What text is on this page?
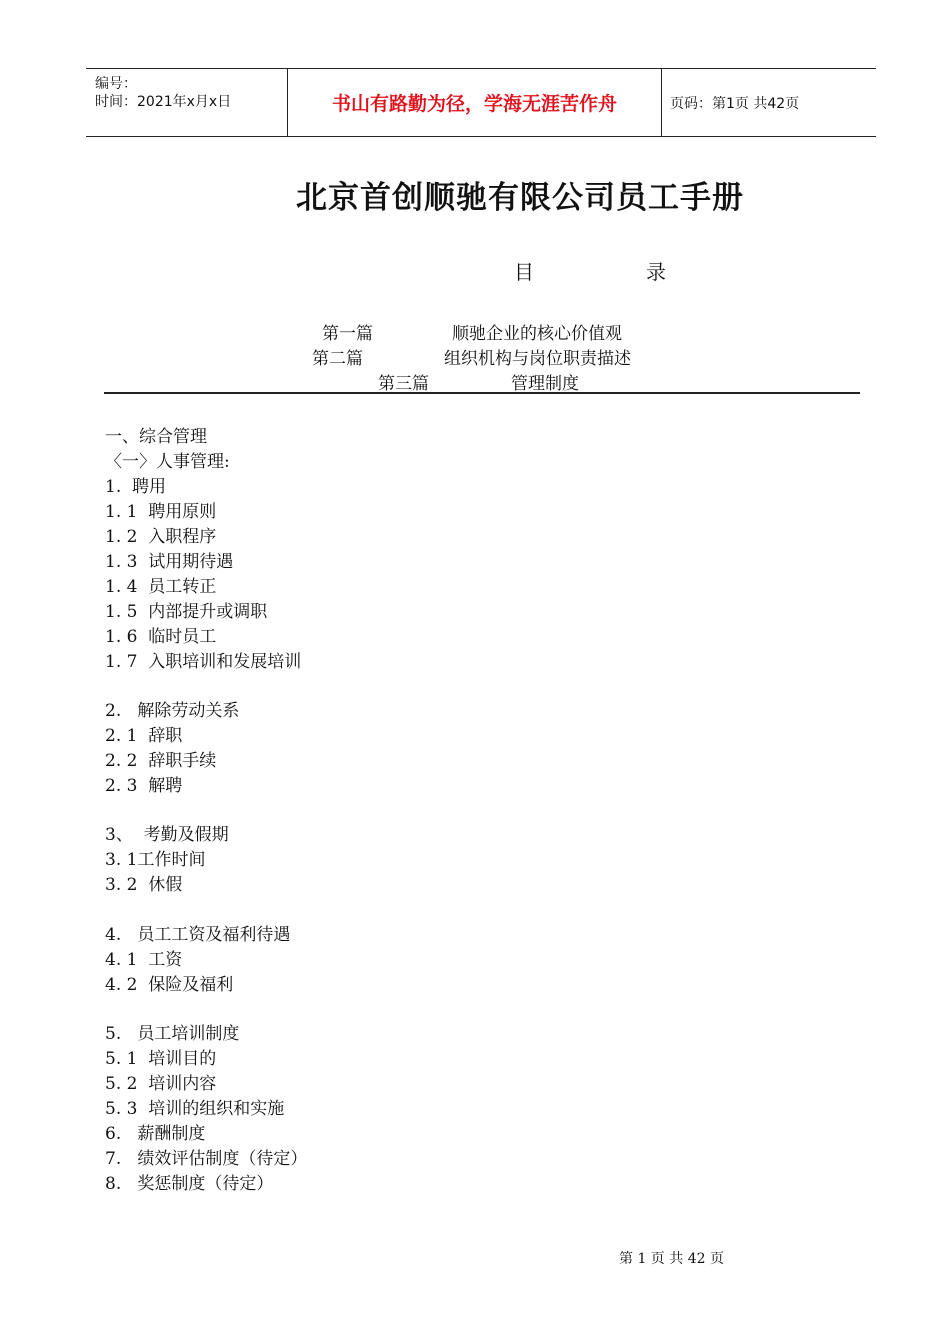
编号：
时间：2021年x月x日	书山有路勤为径，学海无涯苦作舟	页码：第1页 共42页
北京首创顺驰有限公司员工手册
目	录
第一篇	顺驰企业的核心价值观
第二篇	组织机构与岗位职责描述
第三篇	管理制度
一、综合管理
〈一〉人事管理:
1.  聘用
1. 1  聘用原则
1. 2  入职程序
1. 3  试用期待遇
1. 4  员工转正
1. 5  内部提升或调职
1. 6  临时员工
1. 7  入职培训和发展培训
2.   解除劳动关系
2. 1  辞职
2. 2  辞职手续
2. 3  解聘
3、  考勤及假期
3. 1工作时间
3. 2  休假
4.   员工工资及福利待遇
4. 1  工资
4. 2  保险及福利
5.   员工培训制度
5. 1  培训目的
5. 2  培训内容
5. 3  培训的组织和实施
6.   薪酬制度
7.   绩效评估制度（待定）
8.   奖惩制度（待定）
第 1 页 共 42 页
